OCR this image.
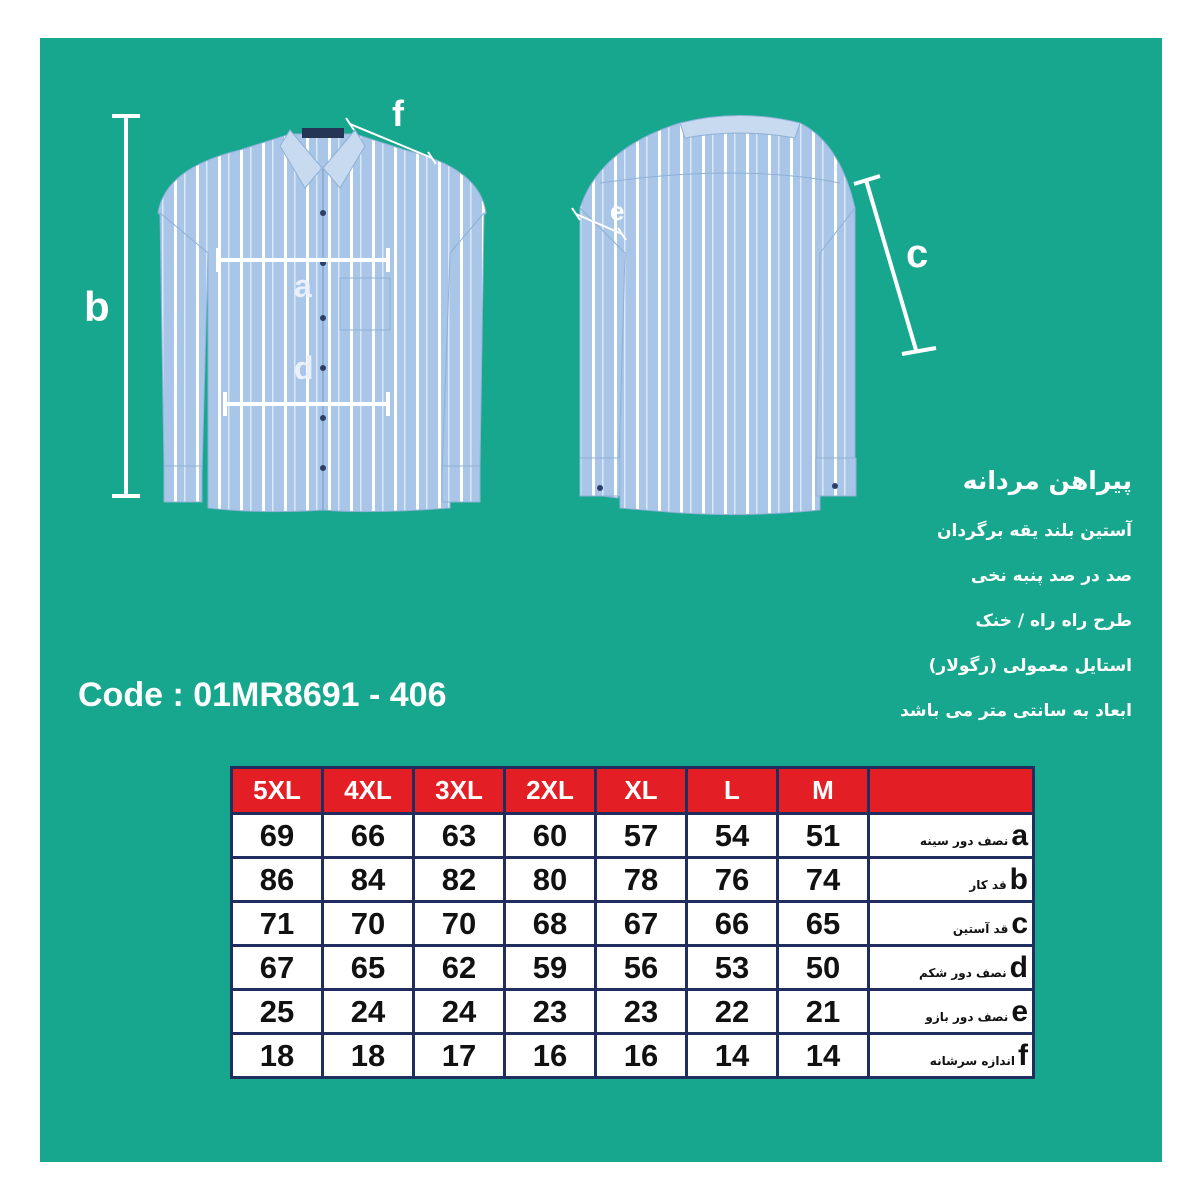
b	a
d
f
e
c
پیراهن مردانه
آستین بلند یقه برگردان
صد در صد پنبه نخی
طرح راه راه / خنک
استایل معمولی (رگولار)
ابعاد به سانتی متر می باشد
Code : 01MR8691 - 406
5XL	4XL	3XL	2XL	XL	L	M	
69	66	63	60	57	54	51	aنصف دور سینه
86	84	82	80	78	76	74	bقد کار
71	70	70	68	67	66	65	cقد آستین
67	65	62	59	56	53	50	dنصف دور شکم
25	24	24	23	23	22	21	eنصف دور بازو
18	18	17	16	16	14	14	fاندازه سرشانه
